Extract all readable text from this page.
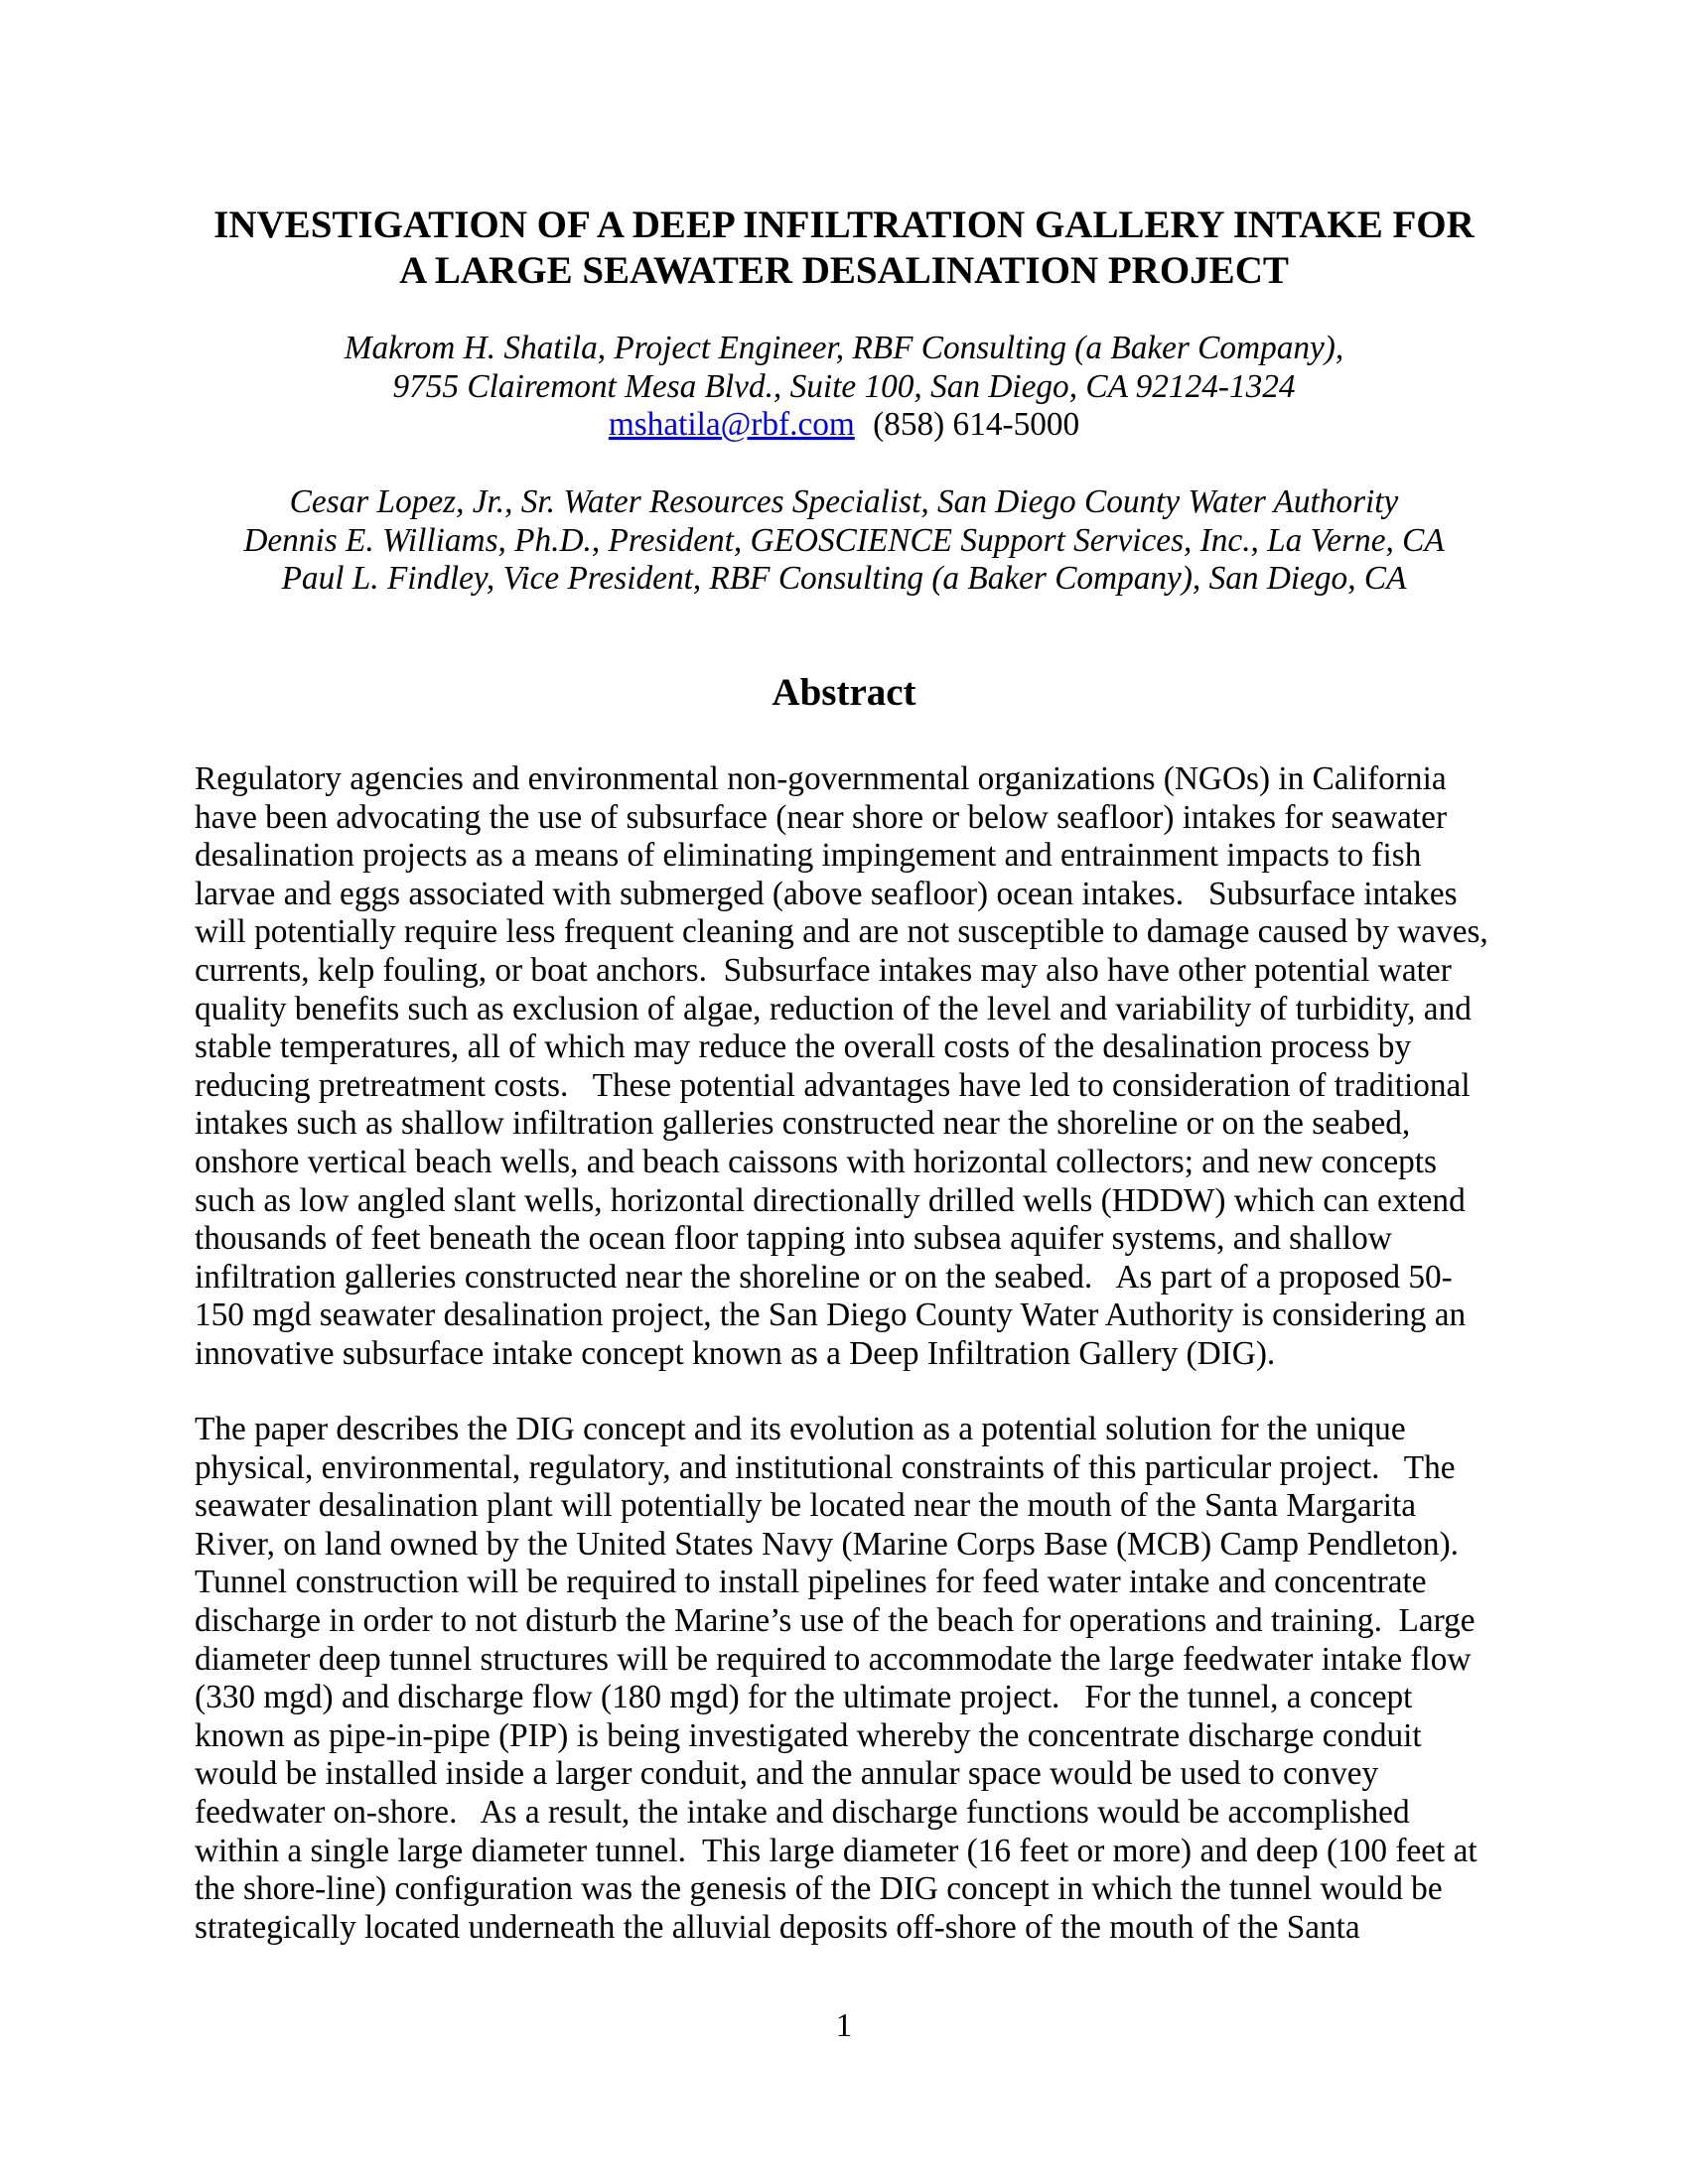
INVESTIGATION OF A DEEP INFILTRATION GALLERY INTAKE FOR
A LARGE SEAWATER DESALINATION PROJECT
Makrom H. Shatila, Project Engineer, RBF Consulting (a Baker Company),
9755 Clairemont Mesa Blvd., Suite 100, San Diego, CA 92124-1324
mshatila@rbf.com (858) 614-5000
Cesar Lopez, Jr., Sr. Water Resources Specialist, San Diego County Water Authority
Dennis E. Williams, Ph.D., President, GEOSCIENCE Support Services, Inc., La Verne, CA
Paul L. Findley, Vice President, RBF Consulting (a Baker Company), San Diego, CA
Abstract
Regulatory agencies and environmental non-governmental organizations (NGOs) in California have been advocating the use of subsurface (near shore or below seafloor) intakes for seawater desalination projects as a means of eliminating impingement and entrainment impacts to fish larvae and eggs associated with submerged (above seafloor) ocean intakes.   Subsurface intakes will potentially require less frequent cleaning and are not susceptible to damage caused by waves, currents, kelp fouling, or boat anchors.  Subsurface intakes may also have other potential water quality benefits such as exclusion of algae, reduction of the level and variability of turbidity, and stable temperatures, all of which may reduce the overall costs of the desalination process by reducing pretreatment costs.   These potential advantages have led to consideration of traditional intakes such as shallow infiltration galleries constructed near the shoreline or on the seabed, onshore vertical beach wells, and beach caissons with horizontal collectors; and new concepts such as low angled slant wells, horizontal directionally drilled wells (HDDW) which can extend thousands of feet beneath the ocean floor tapping into subsea aquifer systems, and shallow infiltration galleries constructed near the shoreline or on the seabed.   As part of a proposed 50-150 mgd seawater desalination project, the San Diego County Water Authority is considering an innovative subsurface intake concept known as a Deep Infiltration Gallery (DIG).
The paper describes the DIG concept and its evolution as a potential solution for the unique physical, environmental, regulatory, and institutional constraints of this particular project.   The seawater desalination plant will potentially be located near the mouth of the Santa Margarita River, on land owned by the United States Navy (Marine Corps Base (MCB) Camp Pendleton).  Tunnel construction will be required to install pipelines for feed water intake and concentrate discharge in order to not disturb the Marine’s use of the beach for operations and training.  Large diameter deep tunnel structures will be required to accommodate the large feedwater intake flow (330 mgd) and discharge flow (180 mgd) for the ultimate project.   For the tunnel, a concept known as pipe-in-pipe (PIP) is being investigated whereby the concentrate discharge conduit would be installed inside a larger conduit, and the annular space would be used to convey feedwater on-shore.   As a result, the intake and discharge functions would be accomplished within a single large diameter tunnel.  This large diameter (16 feet or more) and deep (100 feet at the shore-line) configuration was the genesis of the DIG concept in which the tunnel would be strategically located underneath the alluvial deposits off-shore of the mouth of the Santa
1
